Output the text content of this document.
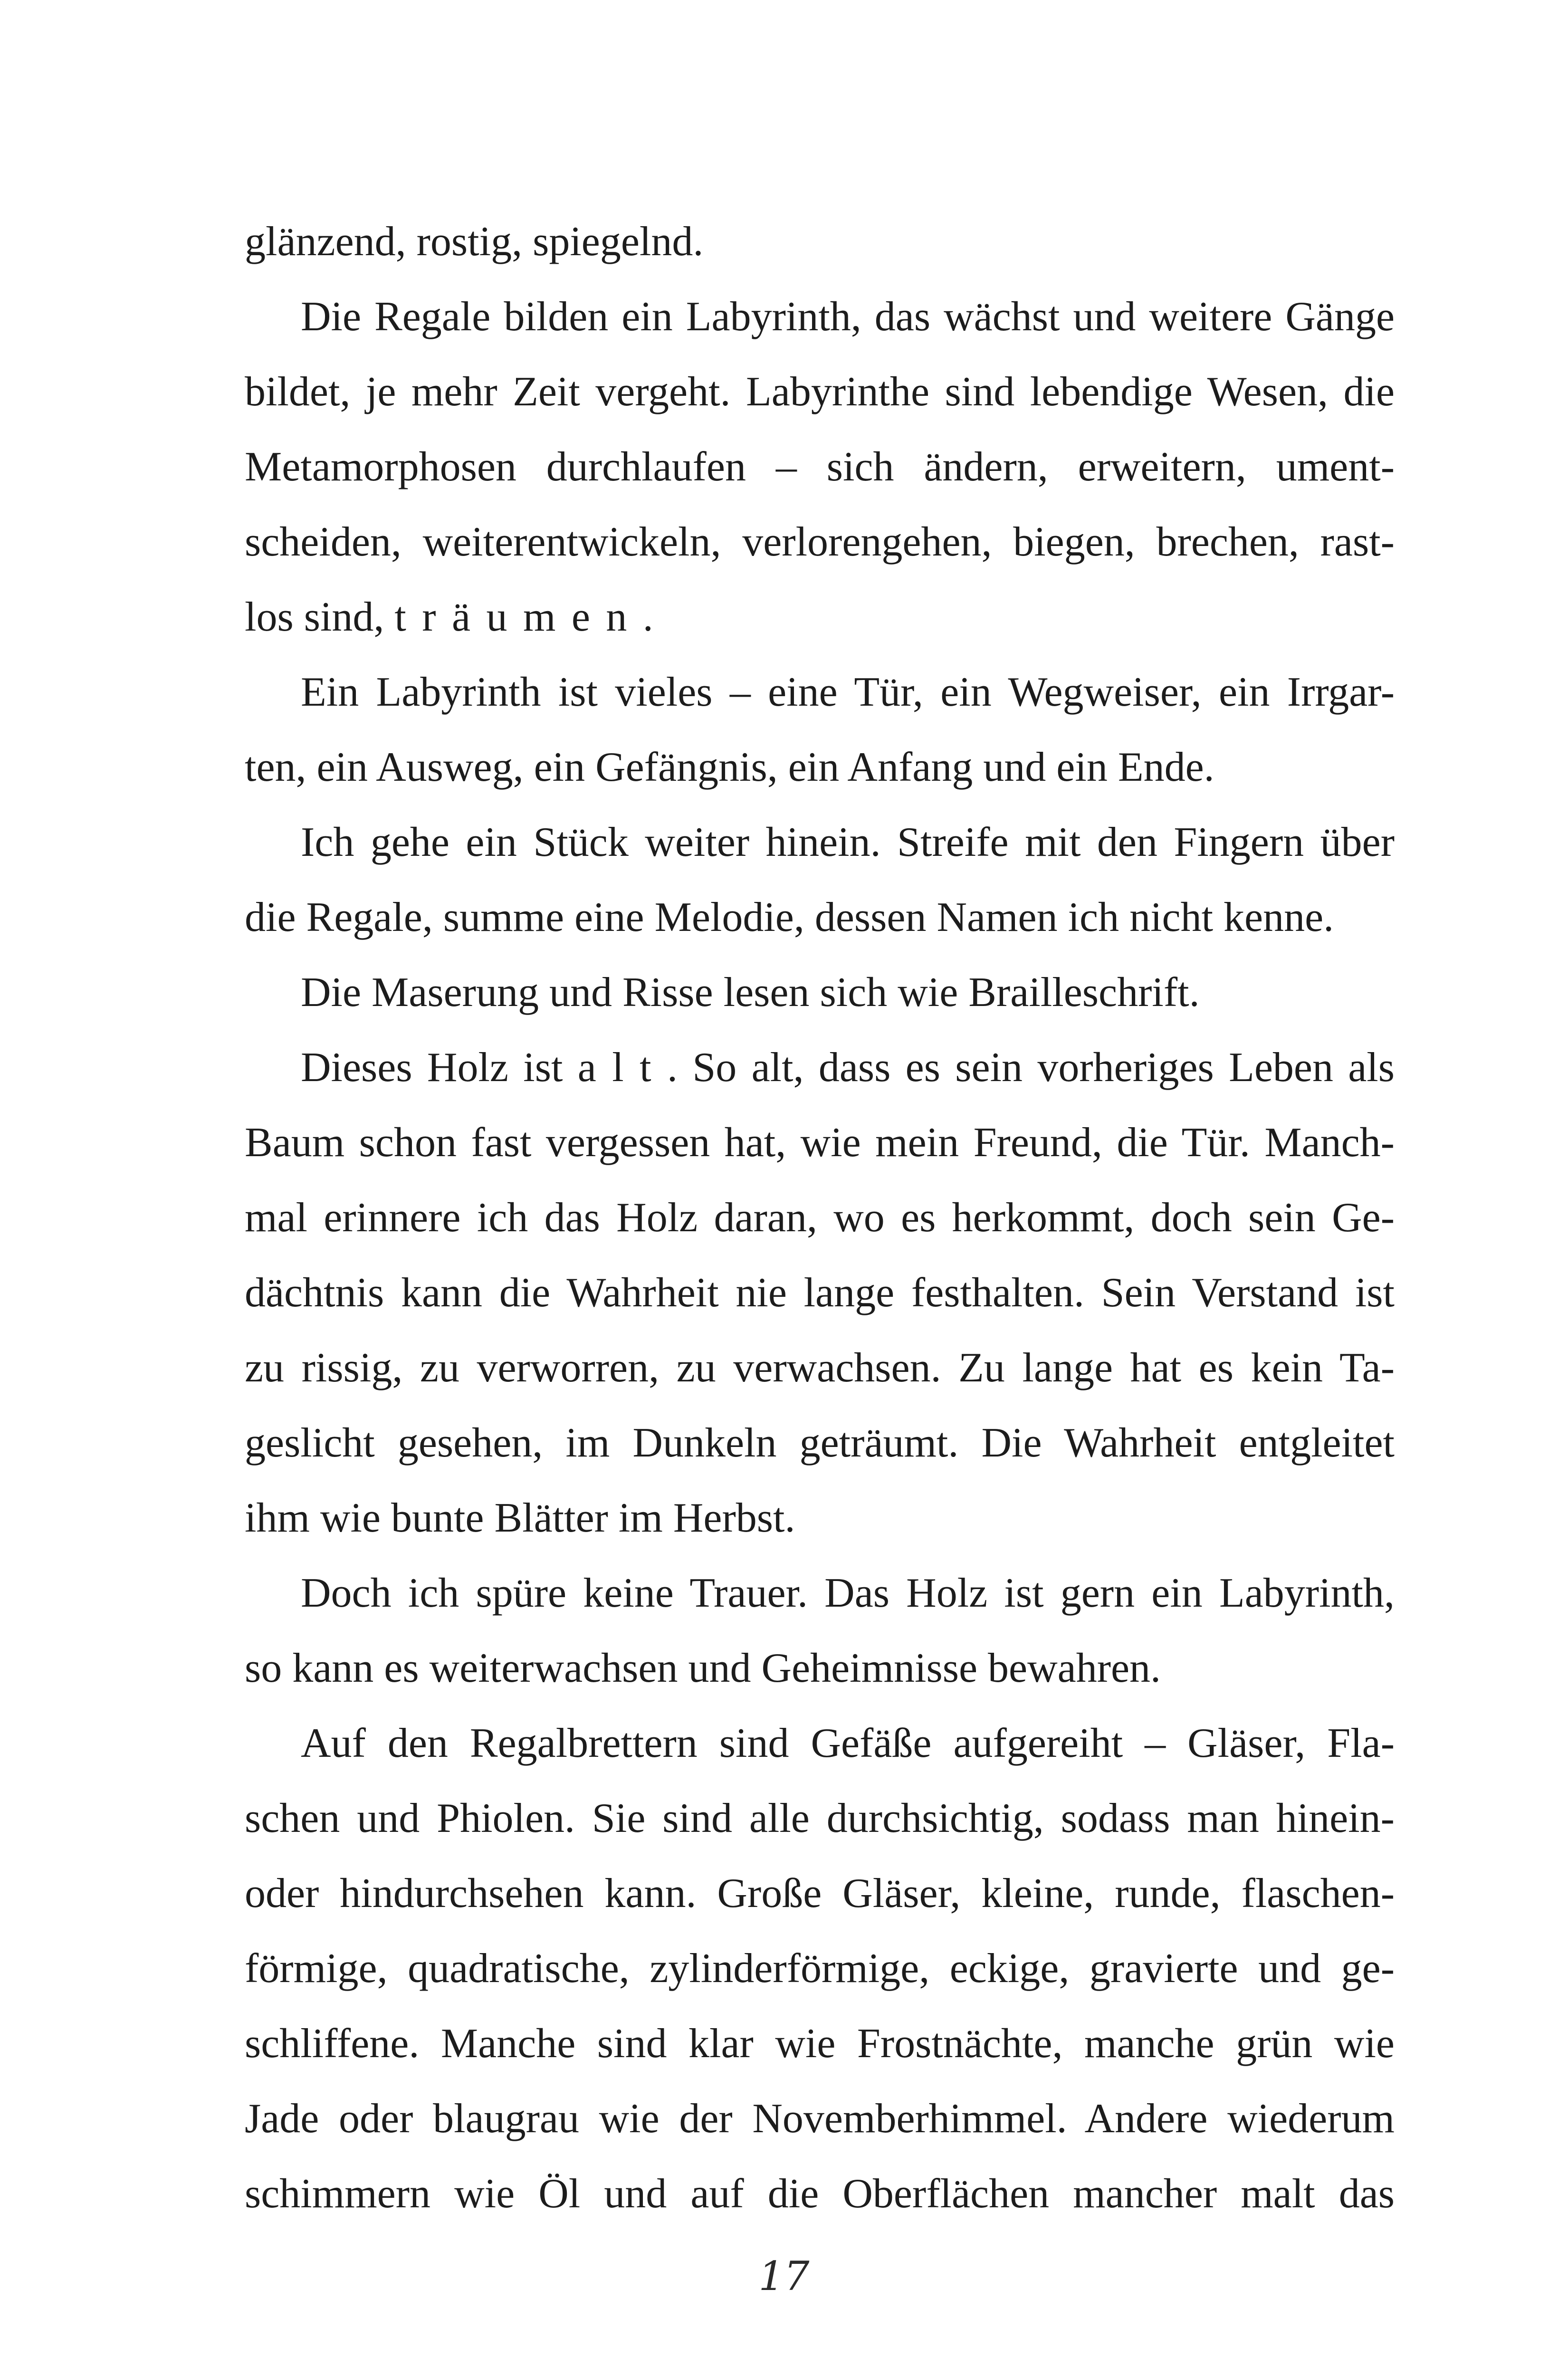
glänzend, rostig, spiegelnd.
Die Regale bilden ein Labyrinth, das wächst und weitere Gänge
bildet, je mehr Zeit vergeht. Labyrinthe sind lebendige Wesen, die
Metamorphosen durchlaufen – sich ändern, erweitern, ument-
scheiden, weiterentwickeln, verlorengehen, biegen, brechen, rast-
los sind, träumen.
Ein Labyrinth ist vieles – eine Tür, ein Wegweiser, ein Irrgar-
ten, ein Ausweg, ein Gefängnis, ein Anfang und ein Ende.
Ich gehe ein Stück weiter hinein. Streife mit den Fingern über
die Regale, summe eine Melodie, dessen Namen ich nicht kenne.
Die Maserung und Risse lesen sich wie Brailleschrift.
Dieses Holz ist alt. So alt, dass es sein vorheriges Leben als
Baum schon fast vergessen hat, wie mein Freund, die Tür. Manch-
mal erinnere ich das Holz daran, wo es herkommt, doch sein Ge-
dächtnis kann die Wahrheit nie lange festhalten. Sein Verstand ist
zu rissig, zu verworren, zu verwachsen. Zu lange hat es kein Ta-
geslicht gesehen, im Dunkeln geträumt. Die Wahrheit entgleitet
ihm wie bunte Blätter im Herbst.
Doch ich spüre keine Trauer. Das Holz ist gern ein Labyrinth,
so kann es weiterwachsen und Geheimnisse bewahren.
Auf den Regalbrettern sind Gefäße aufgereiht – Gläser, Fla-
schen und Phiolen. Sie sind alle durchsichtig, sodass man hinein-
oder hindurchsehen kann. Große Gläser, kleine, runde, flaschen-
förmige, quadratische, zylinderförmige, eckige, gravierte und ge-
schliffene. Manche sind klar wie Frostnächte, manche grün wie
Jade oder blaugrau wie der Novemberhimmel. Andere wiederum
schimmern wie Öl und auf die Oberflächen mancher malt das
17
